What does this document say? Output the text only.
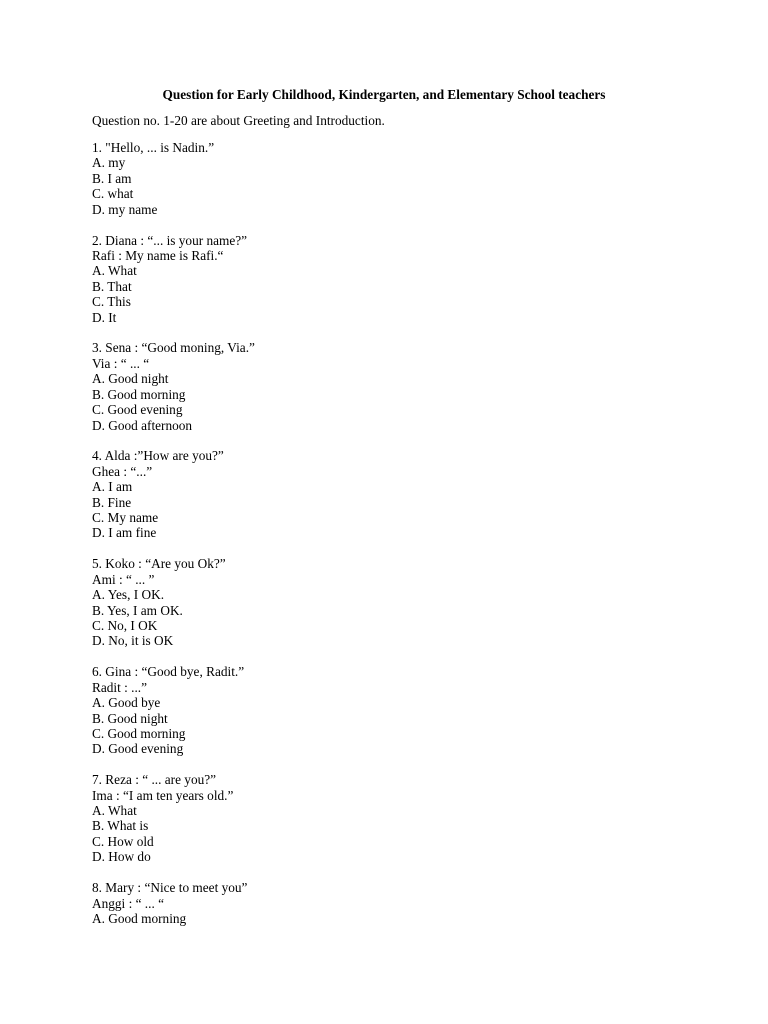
Question for Early Childhood, Kindergarten, and Elementary School teachers
Question no. 1-20 are about Greeting and Introduction.
1. "Hello, ... is Nadin.”
A. my
B. I am
C. what
D. my name
2. Diana : “... is your name?”
Rafi : My name is Rafi.“
A. What
B. That
C. This
D. It
3. Sena : “Good moning, Via.”
Via : “ ... “
A. Good night
B. Good morning
C. Good evening
D. Good afternoon
4. Alda :”How are you?”
Ghea : “...”
A. I am
B. Fine
C. My name
D. I am fine
5. Koko : “Are you Ok?”
Ami : “ ... ”
A. Yes, I OK.
B. Yes, I am OK.
C. No, I OK
D. No, it is OK
6. Gina : “Good bye, Radit.”
Radit : ...”
A. Good bye
B. Good night
C. Good morning
D. Good evening
7. Reza : “ ... are you?”
Ima : “I am ten years old.”
A. What
B. What is
C. How old
D. How do
8. Mary : “Nice to meet you”
Anggi : “ ... “
A. Good morning
